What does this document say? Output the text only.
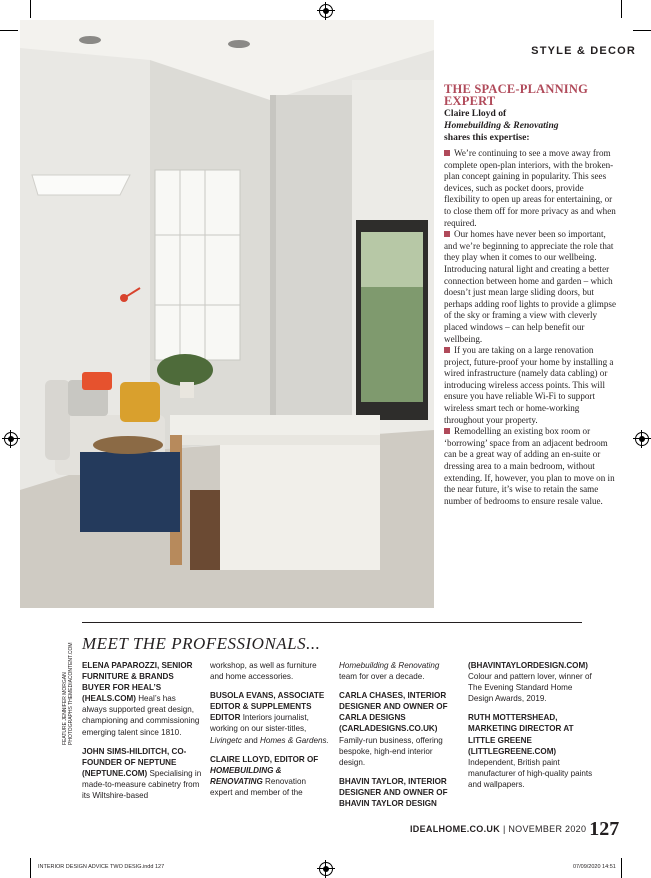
STYLE & DECOR
THE SPACE-PLANNING EXPERT
Claire Lloyd of
Homebuilding & Renovating
shares this expertise:

We’re continuing to see a move away from complete open-plan interiors, with the broken-plan concept gaining in popularity. This sees devices, such as pocket doors, provide flexibility to open up areas for entertaining, or to close them off for more privacy as and when required.

Our homes have never been so important, and we’re beginning to appreciate the role that they play when it comes to our wellbeing. Introducing natural light and creating a better connection between home and garden – which doesn’t just mean large sliding doors, but perhaps adding roof lights to provide a glimpse of the sky or framing a view with cleverly placed windows – can help benefit our wellbeing.

If you are taking on a large renovation project, future-proof your home by installing a wired infrastructure (namely data cabling) or introducing wireless access points. This will ensure you have reliable Wi-Fi to support wireless smart tech or home-working throughout your property.

Remodelling an existing box room or ‘borrowing’ space from an adjacent bedroom can be a great way of adding an en-suite or dressing area to a main bedroom, without extending. If, however, you plan to move on in the near future, it’s wise to retain the same number of bedrooms to ensure resale value.

MEET THE PROFESSIONALS...
FEATURE JENNIFER MORGAN PHOTOGRAPHS THEMEDIACONTENT.COM ELENA PAPAROZZI, SENIOR FURNITURE & BRANDS BUYER FOR HEAL’S (HEALS.COM) Heal’s has always supported great design, championing and commissioning emerging talent since 1810.

JOHN SIMS-HILDITCH, CO-FOUNDER OF NEPTUNE (NEPTUNE.COM) Specialising in made-to-measure cabinetry from its Wiltshire-based

workshop, as well as furniture and home accessories.

BUSOLA EVANS, ASSOCIATE EDITOR & SUPPLEMENTS EDITOR Interiors journalist, working on our sister-titles, Livingetc and Homes & Gardens.

CLAIRE LLOYD, EDITOR OF HOMEBUILDING & RENOVATING Renovation expert and member of the

Homebuilding & Renovating team for over a decade.

CARLA CHASES, INTERIOR DESIGNER AND OWNER OF CARLA DESIGNS (CARLADESIGNS.CO.UK) Family-run business, offering bespoke, high-end interior design.

BHAVIN TAYLOR, INTERIOR DESIGNER AND OWNER OF BHAVIN TAYLOR DESIGN

(BHAVINTAYLORDESIGN.COM) Colour and pattern lover, winner of The Evening Standard Home Design Awards, 2019.

RUTH MOTTERSHEAD, MARKETING DIRECTOR AT LITTLE GREENE (LITTLEGREENE.COM) Independent, British paint manufacturer of high-quality paints and wallpapers.

IDEALHOME.CO.UK | NOVEMBER 2020 127
INTERIOR DESIGN ADVICE TWO DESIG.indd 127	07/09/2020 14:51
